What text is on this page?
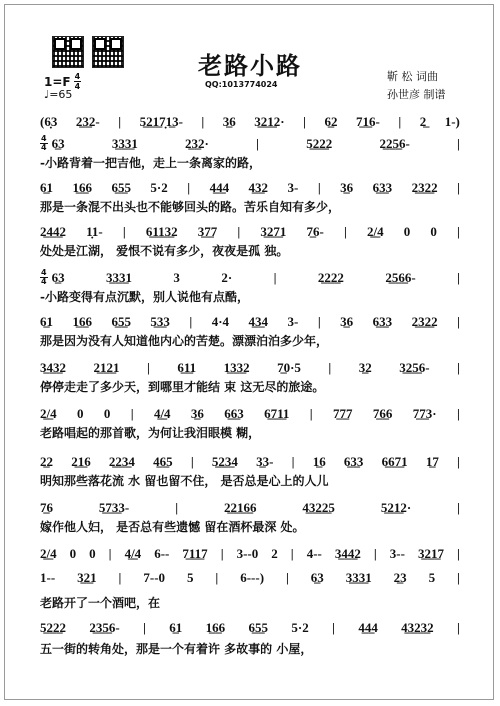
老路小路
QQ:1013774024
靳 松 词曲
孙世彦 制谱
$1=F \frac{4}{4}$
♩=65
(6̣3 2̲3̲2- | 5̲2̲1̲7̣1̲3- | 3̲6 3̲2̲1̲2· | 6̲2 7̲1̲6- | 2̲ 1-)
4
4 6̲3	3̲3̲3̲1	2̲3̲2·	|	5̲2̲2̲2	2̲2̲5̲6-	|
-小路背着一把吉他，走上一条离家的路，
6̲1 1̲6̲6 6̲5̲5 5·2 | 4̲4̲4 4̲3̲2 3- | 3̲6 6̲3̲3 2̲3̲2̲2 |
那是一条混不出头也不能够回头的路。苦乐自知有多少，
2̲4̲4̲2 1̣1- | 6̲1̲1̲3̲2 3̲7̲7 | 3̲2̲7̲1 7̲6- | 2̲/̲4 0 0 |
处处是江湖， 爱恨不说有多少，夜夜是孤 独。
4
4 6̲3	3̲3̲3̲1	3	2·	|	2̲2̲2̲2	2̲5̲6̲6-	|
-小路变得有点沉默，别人说他有点酷，
6̲1 1̲6̲6 6̲5̲5 5̲3̲3 | 4·4 4̲3̲4 3- | 3̲6 6̲3̲3 2̲3̲2̲2 |
那是因为没有人知道他内心的苦楚。漂漂泊泊多少年，
3̲4̲3̲2 2̲1̲2̲1 | 6̲1̲1 1̲3̲3̲2 7̲0·5 | 3̲2 3̲2̲5̲6- |
停停走走了多少天，到哪里才能结 束 这无尽的旅途。
2̲/̲4 0 0 | 4̲/̲4 3̲6 6̲6̲3 6̲7̲1̲1 | 7̲7̲7 7̲6̲6 7̲7̲3· |
老路唱起的那首歌，为何让我泪眼模 糊，
2̲2 2̲1̲6 2̲2̲3̲4 4̲6̲5 | 5̲2̲3̲4 3̲3- | 1̲6 6̲3̲3 6̲6̲7̲1 1̲7 |
明知那些落花流 水 留也留不住， 是否总是心上的人儿
7̲6	5̲7̲3̲3-	|	2̲2̲1̲6̲6	4̲3̲2̲2̲5	5̲2̲1̲2·	|
嫁作他人妇， 是否总有些遗憾 留在酒杯最深 处。
2̲/̲4 0 0 | 4̲/̲4 6-- 7̲1̲1̲7 | 3--0 2 | 4-- 3̲4̲4̲2 | 3-- 3̲2̲1̲7 |
1-- 3̲2̲1 | 7--0 5 | 6---) | 6̲3 3̲3̲3̲1 2̲3 5 |
老路开了一个酒吧，在
5̲2̲2̲2 2̲3̲5̲6- | 6̲1 1̲6̲6 6̲5̲5 5·2 | 4̲4̲4 4̲3̲2̲3̲2 |
五一街的转角处，那是一个有着许 多故事的 小屋，
